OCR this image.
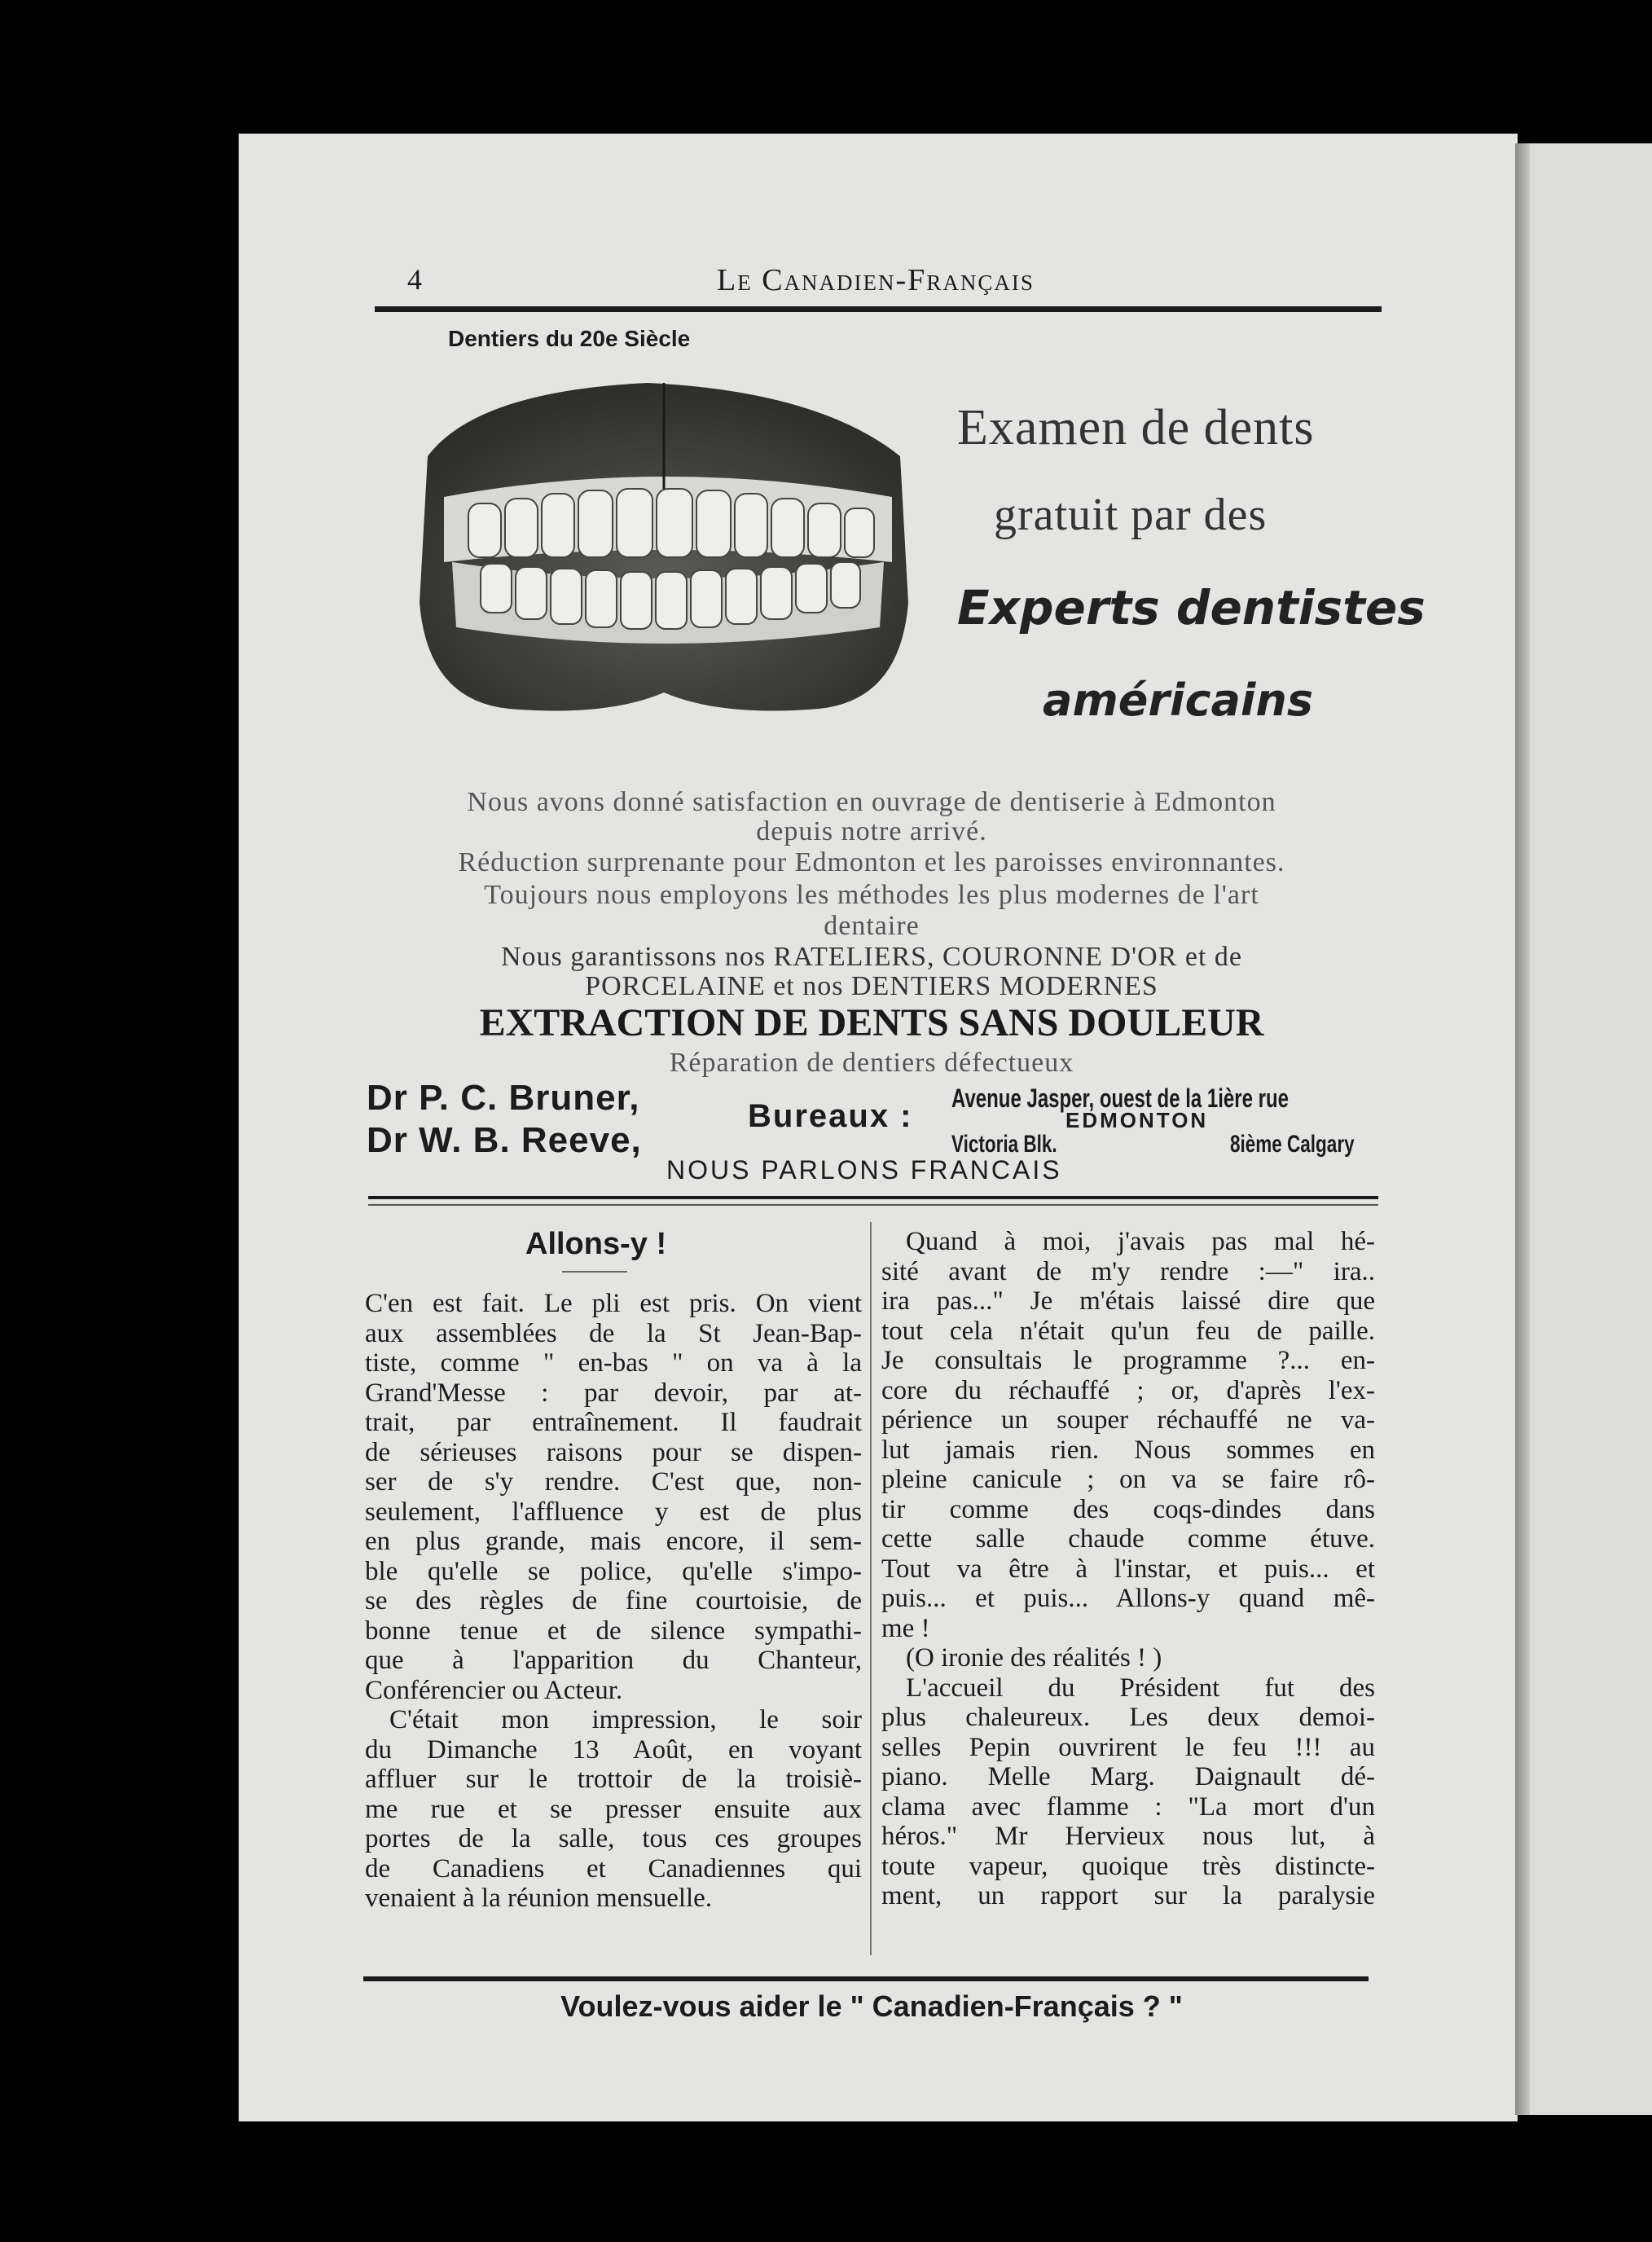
4	Le Canadien-Français
Dentiers du 20e Siècle
Examen de dents
gratuit par des
Experts dentistes
américains
Nous avons donné satisfaction en ouvrage de dentiserie à Edmonton
depuis notre arrivé.
Réduction surprenante pour Edmonton et les paroisses environnantes.
Toujours nous employons les méthodes les plus modernes de l'art
dentaire
Nous garantissons nos RATELIERS, COURONNE D'OR et de
PORCELAINE et nos DENTIERS MODERNES
EXTRACTION DE DENTS SANS DOULEUR
Réparation de dentiers défectueux
Dr P. C. Bruner,
Dr W. B. Reeve,
Bureaux : Avenue Jasper, ouest de la 1ière rue
EDMONTON
Victoria Blk.	8ième Calgary
NOUS PARLONS FRANCAIS
Allons-y !
C'en est fait. Le pli est pris. On vient
aux assemblées de la St Jean-Bap-
tiste, comme " en-bas " on va à la
Grand'Messe : par devoir, par at-
trait, par entraînement. Il faudrait
de sérieuses raisons pour se dispen-
ser de s'y rendre. C'est que, non-
seulement, l'affluence y est de plus
en plus grande, mais encore, il sem-
ble qu'elle se police, qu'elle s'impo-
se des règles de fine courtoisie, de
bonne tenue et de silence sympathi-
que à l'apparition du Chanteur,
Conférencier ou Acteur.
C'était mon impression, le soir
du Dimanche 13 Août, en voyant
affluer sur le trottoir de la troisiè-
me rue et se presser ensuite aux
portes de la salle, tous ces groupes
de Canadiens et Canadiennes qui
venaient à la réunion mensuelle.
Quand à moi, j'avais pas mal hé-
sité avant de m'y rendre :—" ira..
ira pas..." Je m'étais laissé dire que
tout cela n'était qu'un feu de paille.
Je consultais le programme ?... en-
core du réchauffé ; or, d'après l'ex-
périence un souper réchauffé ne va-
lut jamais rien. Nous sommes en
pleine canicule ; on va se faire rô-
tir comme des coqs-dindes dans
cette salle chaude comme étuve.
Tout va être à l'instar, et puis... et
puis... et puis... Allons-y quand mê-
me !
(O ironie des réalités ! )
L'accueil du Président fut des
plus chaleureux. Les deux demoi-
selles Pepin ouvrirent le feu !!! au
piano. Melle Marg. Daignault dé-
clama avec flamme : "La mort d'un
héros." Mr Hervieux nous lut, à
toute vapeur, quoique très distincte-
ment, un rapport sur la paralysie
Voulez-vous aider le " Canadien-Français ? "
